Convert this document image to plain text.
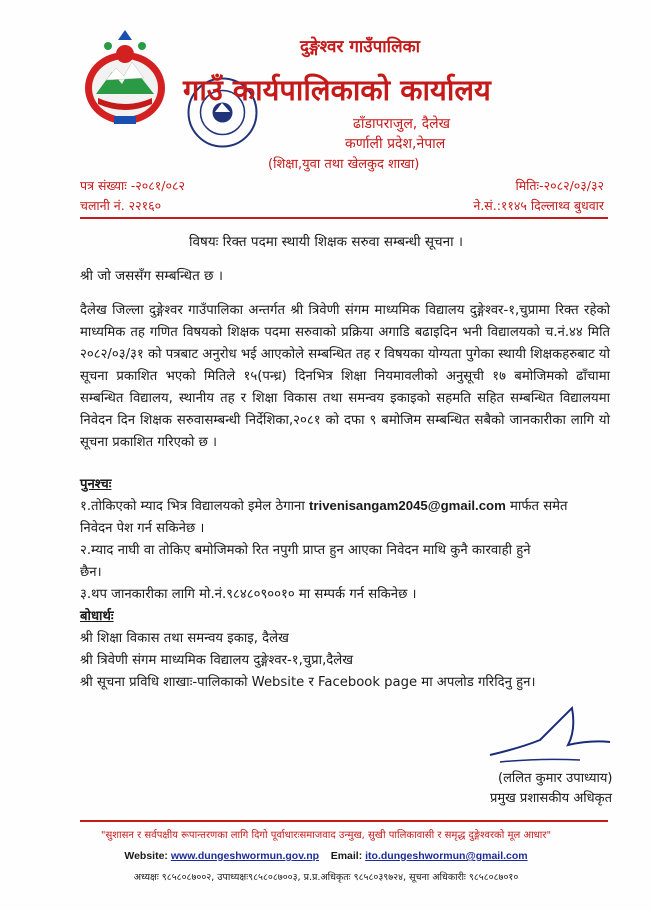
दुङ्गेश्वर गाउँपालिका
गाउँ कार्यपालिकाको कार्यालय
ढाँडापराजुल, दैलेख
कर्णाली प्रदेश,नेपाल
(शिक्षा,युवा तथा खेलकुद शाखा)
पत्र संख्याः -२०८१/०८२
चलानी नं. २२१६०
मितिः-२०८२/०३/३२
ने.सं.:११४५ दिल्लाथ्व बुधवार
विषयः रिक्त पदमा स्थायी शिक्षक सरुवा सम्बन्धी सूचना ।
श्री जो जससँग सम्बन्धित छ ।
दैलेख जिल्ला दुङ्गेश्वर गाउँपालिका अन्तर्गत श्री त्रिवेणी संगम माध्यमिक विद्यालय दुङ्गेश्वर-१,चुप्रामा रिक्त रहेको माध्यमिक तह गणित विषयको शिक्षक पदमा सरुवाको प्रक्रिया अगाडि बढाइदिन भनी विद्यालयको च.नं.४४ मिति २०८२/०३/३१ को पत्रबाट अनुरोध भई आएकोले सम्बन्धित तह र विषयका योग्यता पुगेका स्थायी शिक्षकहरुबाट यो सूचना प्रकाशित भएको मितिले १५(पन्ध्र) दिनभित्र शिक्षा नियमावलीको अनुसूची १७ बमोजिमको ढाँचामा सम्बन्धित विद्यालय, स्थानीय तह र शिक्षा विकास तथा समन्वय इकाइको सहमति सहित सम्बन्धित विद्यालयमा निवेदन दिन शिक्षक सरुवासम्बन्धी निर्देशिका,२०८१ को दफा ९ बमोजिम सम्बन्धित सबैको जानकारीका लागि यो सूचना प्रकाशित गरिएको छ ।
पुनश्चः
१.तोकिएको म्याद भित्र विद्यालयको इमेल ठेगाना trivenisangam2045@gmail.com मार्फत समेत
निवेदन पेश गर्न सकिनेछ ।
२.म्याद नाघी वा तोकिए बमोजिमको रित नपुगी प्राप्त हुन आएका निवेदन माथि कुनै कारवाही हुने
छैन।
३.थप जानकारीका लागि मो.नं.९८४८०९००१० मा सम्पर्क गर्न सकिनेछ ।
बोधार्थः
श्री शिक्षा विकास तथा समन्वय इकाइ, दैलेख
श्री त्रिवेणी संगम माध्यमिक विद्यालय दुङ्गेश्वर-१,चुप्रा,दैलेख
श्री सूचना प्रविधि शाखाः-पालिकाको Website र Facebook page मा अपलोड गरिदिनु हुन।
(ललित कुमार उपाध्याय)
प्रमुख प्रशासकीय अधिकृत
"सुशासन र सर्वपक्षीय रूपान्तरणका लागि दिगो पूर्वाधारःसमाजवाद उन्मुख, सुखी पालिकावासी र समृद्ध दुङ्गेश्वरको मूल आधार"
Website: www.dungeshwormun.gov.np Email: ito.dungeshwormun@gmail.com
अध्यक्षः ९८५८०८७००२, उपाध्यक्षः९८५८०८७००३, प्र.प्र.अधिकृतः ९८५८०३९७२४, सूचना अधिकारीः ९८५८०८७०१०
